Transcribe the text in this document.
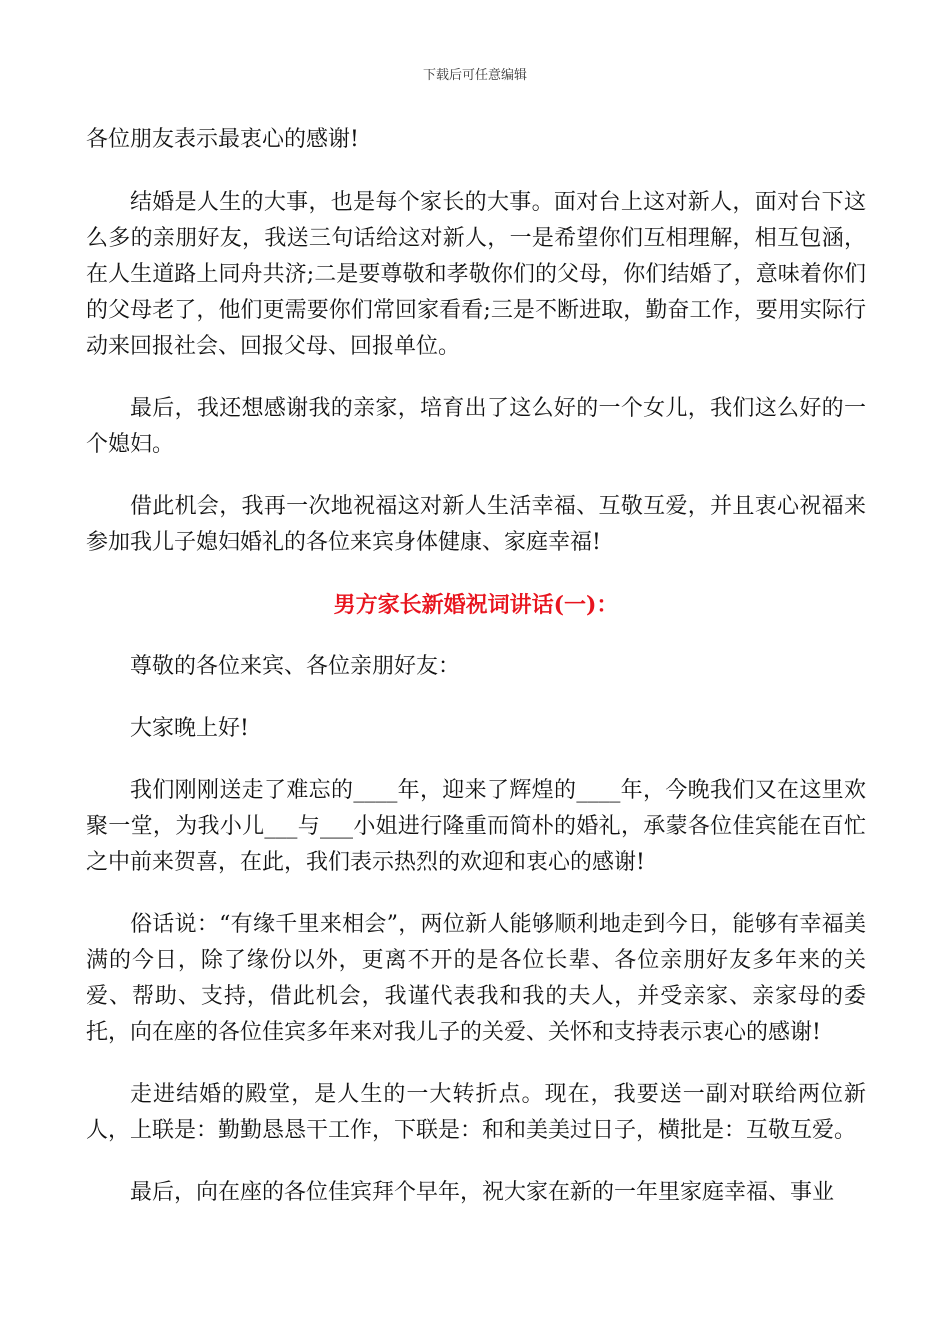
下载后可任意编辑

各位朋友表示最衷心的感谢!

结婚是人生的大事，也是每个家长的大事。面对台上这对新人，面对台下这么多的亲朋好友，我送三句话给这对新人，一是希望你们互相理解，相互包涵，在人生道路上同舟共济;二是要尊敬和孝敬你们的父母，你们结婚了，意味着你们的父母老了，他们更需要你们常回家看看;三是不断进取，勤奋工作，要用实际行动来回报社会、回报父母、回报单位。

最后，我还想感谢我的亲家，培育出了这么好的一个女儿，我们这么好的一个媳妇。

借此机会，我再一次地祝福这对新人生活幸福、互敬互爱，并且衷心祝福来参加我儿子媳妇婚礼的各位来宾身体健康、家庭幸福!

男方家长新婚祝词讲话(一)：

尊敬的各位来宾、各位亲朋好友：

大家晚上好!

我们刚刚送走了难忘的____年，迎来了辉煌的____年，今晚我们又在这里欢聚一堂，为我小儿___与___小姐进行隆重而简朴的婚礼，承蒙各位佳宾能在百忙之中前来贺喜，在此，我们表示热烈的欢迎和衷心的感谢!

俗话说：“有缘千里来相会”，两位新人能够顺利地走到今日，能够有幸福美满的今日，除了缘份以外，更离不开的是各位长辈、各位亲朋好友多年来的关爱、帮助、支持，借此机会，我谨代表我和我的夫人，并受亲家、亲家母的委托，向在座的各位佳宾多年来对我儿子的关爱、关怀和支持表示衷心的感谢!

走进结婚的殿堂，是人生的一大转折点。现在，我要送一副对联给两位新人，上联是：勤勤恳恳干工作，下联是：和和美美过日子，横批是：互敬互爱。

最后，向在座的各位佳宾拜个早年，祝大家在新的一年里家庭幸福、事业
